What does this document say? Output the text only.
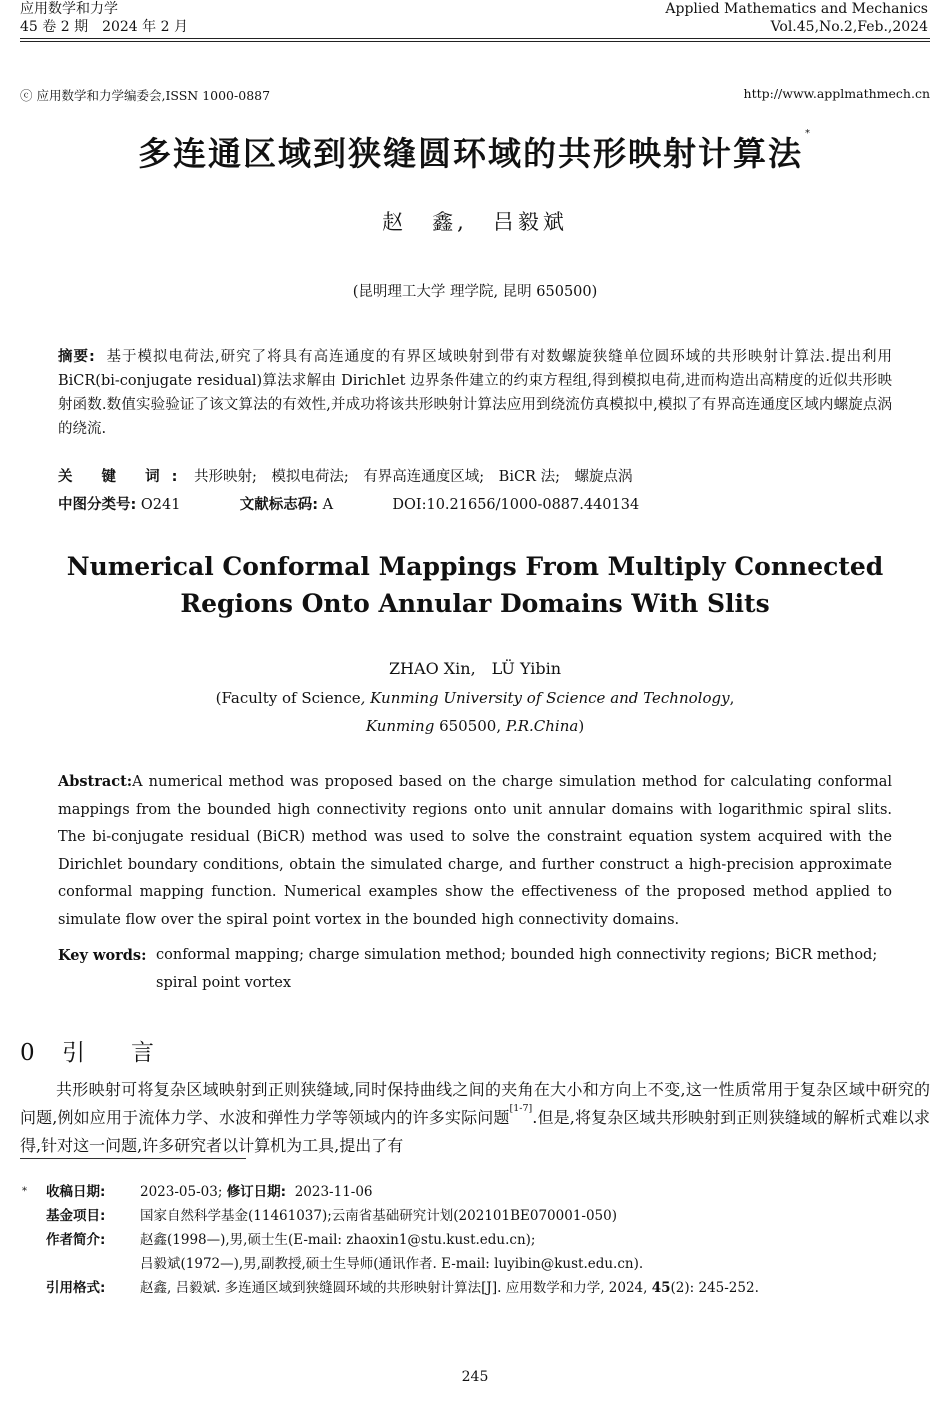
应用数学和力学
45 卷 2 期　2024 年 2 月
Applied Mathematics and Mechanics
Vol.45,No.2,Feb.,2024
ⓒ 应用数学和力学编委会,ISSN 1000-0887	http://www.applmathmech.cn
多连通区域到狭缝圆环域的共形映射计算法*
赵　鑫,　吕毅斌
(昆明理工大学 理学院, 昆明 650500)
摘要: 基于模拟电荷法,研究了将具有高连通度的有界区域映射到带有对数螺旋狭缝单位圆环域的共形映射计算法.提出利用 BiCR(bi-conjugate residual)算法求解由 Dirichlet 边界条件建立的约束方程组,得到模拟电荷,进而构造出高精度的近似共形映射函数.数值实验验证了该文算法的有效性,并成功将该共形映射计算法应用到绕流仿真模拟中,模拟了有界高连通度区域内螺旋点涡的绕流.
关 键 词: 共形映射;　模拟电荷法;　有界高连通度区域;　BiCR 法;　螺旋点涡
中图分类号: O241	文献标志码: A	DOI:10.21656/1000-0887.440134
Numerical Conformal Mappings From Multiply Connected
Regions Onto Annular Domains With Slits
ZHAO Xin,　LÜ Yibin
(Faculty of Science, Kunming University of Science and Technology,
Kunming 650500, P.R.China)
Abstract:A numerical method was proposed based on the charge simulation method for calculating conformal mappings from the bounded high connectivity regions onto unit annular domains with logarithmic spiral slits. The bi-conjugate residual (BiCR) method was used to solve the constraint equation system acquired with the Dirichlet boundary conditions, obtain the simulated charge, and further construct a high-precision approximate conformal mapping function. Numerical examples show the effectiveness of the proposed method applied to simulate flow over the spiral point vortex in the bounded high connectivity domains.
Key words: conformal mapping; charge simulation method; bounded high connectivity regions; BiCR method; spiral point vortex
0 引言
共形映射可将复杂区域映射到正则狭缝域,同时保持曲线之间的夹角在大小和方向上不变,这一性质常用于复杂区域中研究的问题,例如应用于流体力学、水波和弹性力学等领域内的许多实际问题[1-7].但是,将复杂区域共形映射到正则狭缝域的解析式难以求得,针对这一问题,许多研究者以计算机为工具,提出了有
*	收稿日期:	2023-05-03; 修订日期: 2023-11-06
基金项目:	国家自然科学基金(11461037);云南省基础研究计划(202101BE070001-050)
作者简介:	赵鑫(1998—),男,硕士生(E-mail: zhaoxin1@stu.kust.edu.cn);
吕毅斌(1972—),男,副教授,硕士生导师(通讯作者. E-mail: luyibin@kust.edu.cn).
引用格式:	赵鑫, 吕毅斌. 多连通区域到狭缝圆环域的共形映射计算法[J]. 应用数学和力学, 2024, 45(2): 245-252.
245
